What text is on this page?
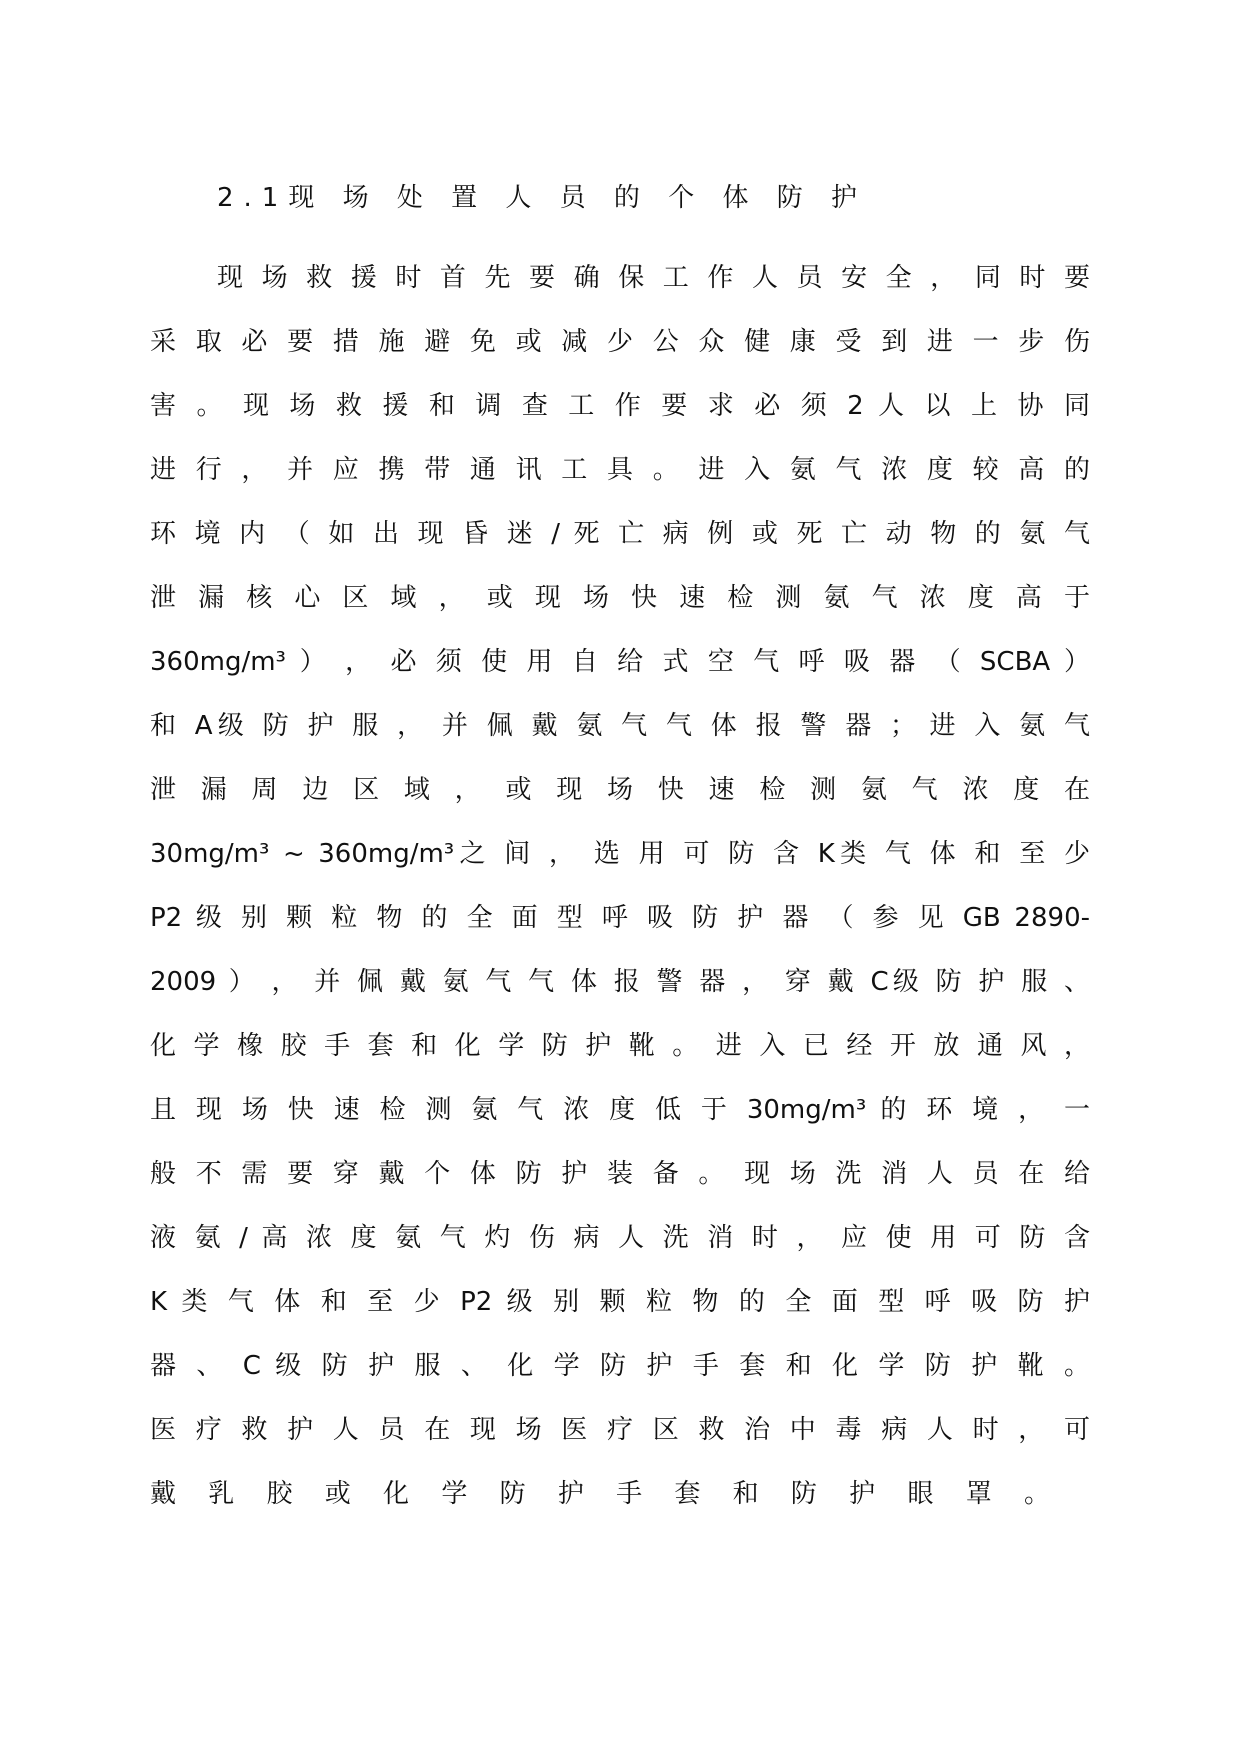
2.1现 场 处 置 人 员 的 个 体 防 护
现 场 救 援 时 首 先 要 确 保 工 作 人 员 安 全 ， 同 时 要
采 取 必 要 措 施 避 免 或 减 少 公 众 健 康 受 到 进 一 步 伤
害 。 现 场 救 援 和 调 查 工 作 要 求 必 须 2 人 以 上 协 同
进 行 ， 并 应 携 带 通 讯 工 具 。 进 入 氨 气 浓 度 较 高 的
环 境 内 （ 如 出 现 昏 迷 / 死 亡 病 例 或 死 亡 动 物 的 氨 气
泄 漏 核 心 区 域 ， 或 现 场 快 速 检 测 氨 气 浓 度 高 于
360mg/m³ ） ， 必 须 使 用 自 给 式 空 气 呼 吸 器 （ SCBA ）
和 A级 防 护 服 ， 并 佩 戴 氨 气 气 体 报 警 器 ； 进 入 氨 气
泄 漏 周 边 区 域 ， 或 现 场 快 速 检 测 氨 气 浓 度 在
30mg/m³ ~ 360mg/m³之 间 ， 选 用 可 防 含 K类 气 体 和 至 少
P2 级 别 颗 粒 物 的 全 面 型 呼 吸 防 护 器 （ 参 见 GB 2890-
2009 ） ， 并 佩 戴 氨 气 气 体 报 警 器 ， 穿 戴 C级 防 护 服 、
化 学 橡 胶 手 套 和 化 学 防 护 靴 。 进 入 已 经 开 放 通 风 ，
且 现 场 快 速 检 测 氨 气 浓 度 低 于 30mg/m³ 的 环 境 ， 一
般 不 需 要 穿 戴 个 体 防 护 装 备 。 现 场 洗 消 人 员 在 给
液 氨 / 高 浓 度 氨 气 灼 伤 病 人 洗 消 时 ， 应 使 用 可 防 含
K 类 气 体 和 至 少 P2 级 别 颗 粒 物 的 全 面 型 呼 吸 防 护
器 、 C 级 防 护 服 、 化 学 防 护 手 套 和 化 学 防 护 靴 。
医 疗 救 护 人 员 在 现 场 医 疗 区 救 治 中 毒 病 人 时 ， 可
戴 乳 胶 或 化 学 防 护 手 套 和 防 护 眼 罩 。
